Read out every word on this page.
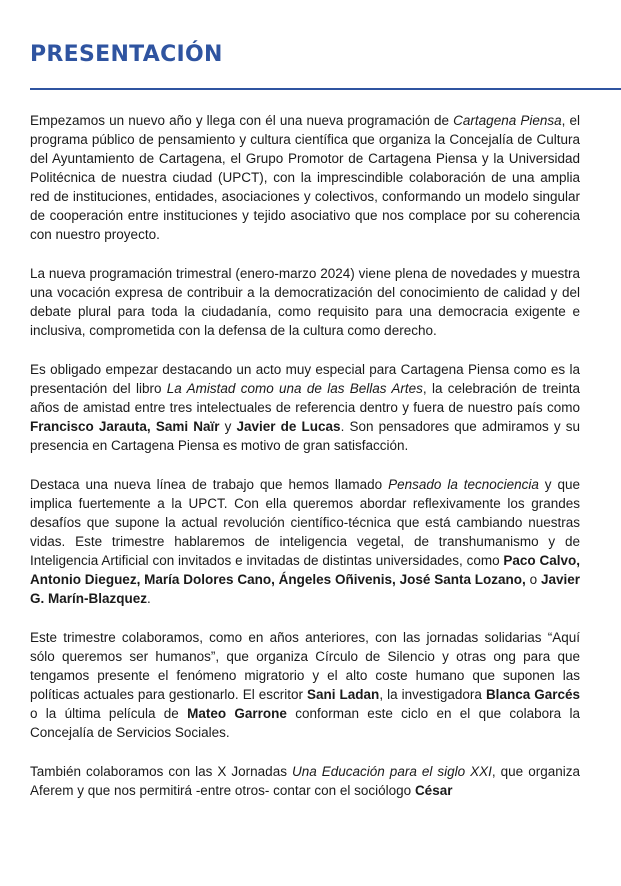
PRESENTACIÓN

Empezamos un nuevo año y llega con él una nueva programación de Cartagena Piensa, el programa público de pensamiento y cultura científica que organiza la Concejalía de Cultura del Ayuntamiento de Cartagena, el Grupo Promotor de Cartagena Piensa y la Universidad Politécnica de nuestra ciudad (UPCT), con la imprescindible colaboración de una amplia red de instituciones, entidades, asociaciones y colectivos, conformando un modelo singular de cooperación entre instituciones y tejido asociativo que nos complace por su coherencia con nuestro proyecto.

La nueva programación trimestral (enero-marzo 2024) viene plena de novedades y muestra una vocación expresa de contribuir a la democratización del conocimiento de calidad y del debate plural para toda la ciudadanía, como requisito para una democracia exigente e inclusiva, comprometida con la defensa de la cultura como derecho.

Es obligado empezar destacando un acto muy especial para Cartagena Piensa como es la presentación del libro La Amistad como una de las Bellas Artes, la celebración de treinta años de amistad entre tres intelectuales de referencia dentro y fuera de nuestro país como Francisco Jarauta, Sami Naïr y Javier de Lucas. Son pensadores que admiramos y su presencia en Cartagena Piensa es motivo de gran satisfacción.

Destaca una nueva línea de trabajo que hemos llamado Pensado la tecnociencia y que implica fuertemente a la UPCT. Con ella queremos abordar reflexivamente los grandes desafíos que supone la actual revolución científico-técnica que está cambiando nuestras vidas. Este trimestre hablaremos de inteligencia vegetal, de transhumanismo y de Inteligencia Artificial con invitados e invitadas de distintas universidades, como Paco Calvo, Antonio Dieguez, María Dolores Cano, Ángeles Oñivenis, José Santa Lozano, o Javier G. Marín-Blazquez.

Este trimestre colaboramos, como en años anteriores, con las jornadas solidarias “Aquí sólo queremos ser humanos”, que organiza Círculo de Silencio y otras ong para que tengamos presente el fenómeno migratorio y el alto coste humano que suponen las políticas actuales para gestionarlo. El escritor Sani Ladan, la investigadora Blanca Garcés o la última película de Mateo Garrone conforman este ciclo en el que colabora la Concejalía de Servicios Sociales.

También colaboramos con las X Jornadas Una Educación para el siglo XXI, que organiza Aferem y que nos permitirá -entre otros- contar con el sociólogo César
